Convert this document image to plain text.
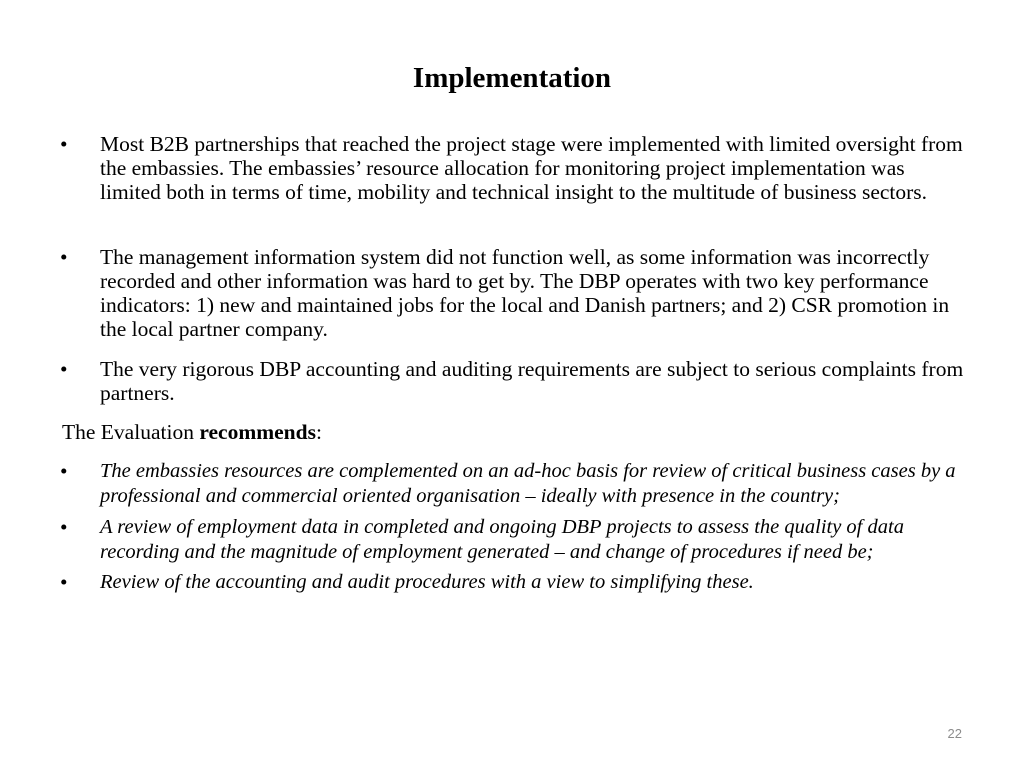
Implementation
•	Most B2B partnerships that reached the project stage were implemented with limited oversight from the embassies. The embassies’ resource allocation for monitoring project implementation was limited both in terms of time, mobility and technical insight to the multitude of business sectors.
•	The management information system did not function well, as some information was incorrectly recorded and other information was hard to get by. The DBP operates with two key performance indicators: 1) new and maintained jobs for the local and Danish partners; and 2) CSR promotion in the local partner company.
•	The very rigorous DBP accounting and auditing requirements are subject to serious complaints from partners.
The Evaluation recommends:
•	The embassies resources are complemented on an ad-hoc basis for review of critical business cases by a professional and commercial oriented organisation – ideally with presence in the country;
•	A review of employment data in completed and ongoing DBP projects to assess the quality of data recording and the magnitude of employment generated – and change of procedures if need be;
•	Review of the accounting and audit procedures with a view to simplifying these.
22
